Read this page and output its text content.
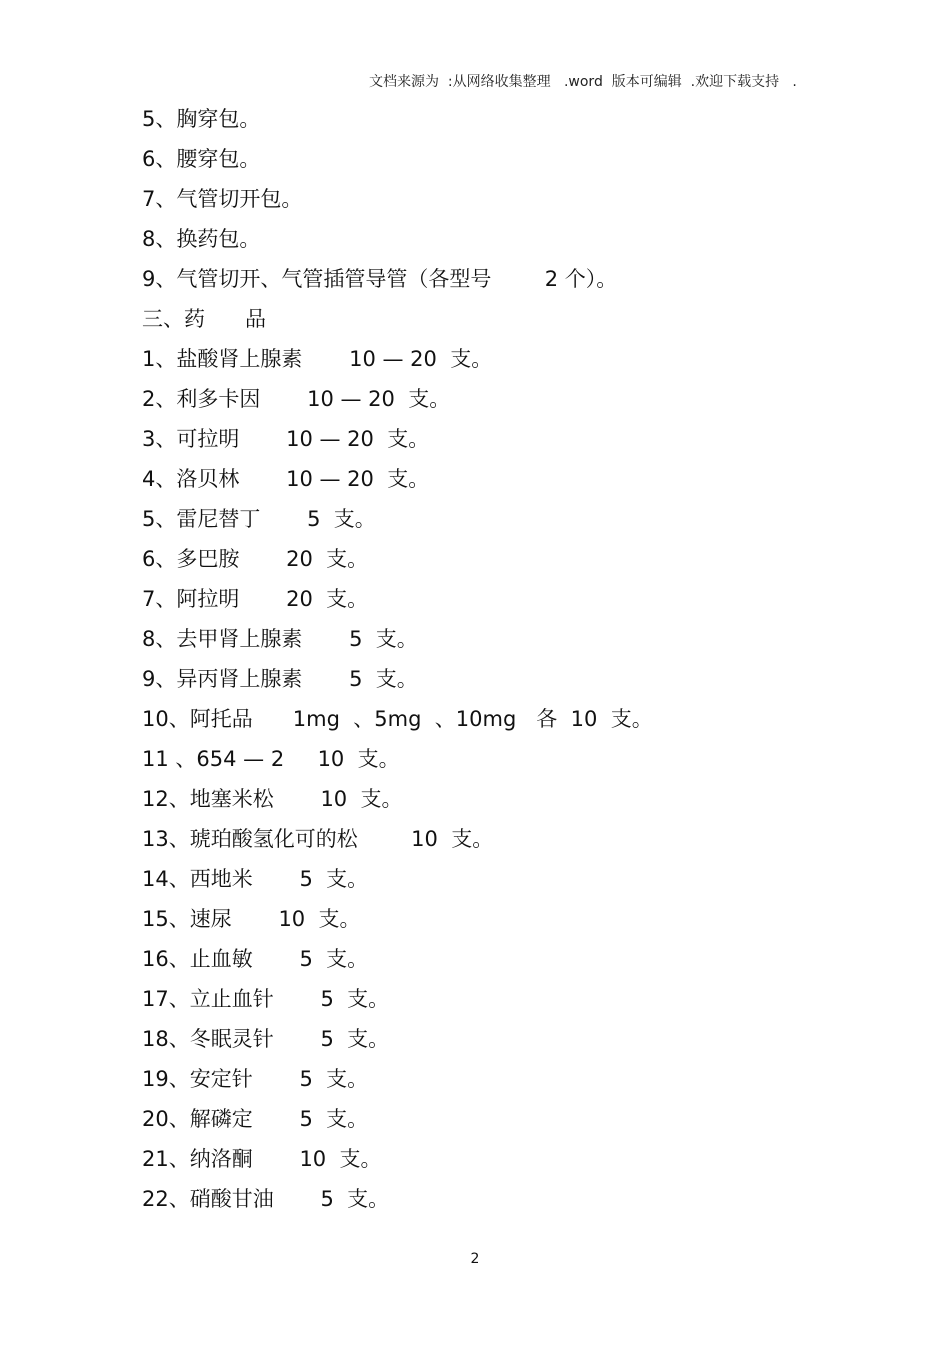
文档来源为  :从网络收集整理   .word  版本可编辑  .欢迎下载支持   .
5、胸穿包。
6、腰穿包。
7、气管切开包。
8、换药包。
9、气管切开、气管插管导管（各型号        2 个）。
三、药      品
1、盐酸肾上腺素       10 — 20  支。
2、利多卡因       10 — 20  支。
3、可拉明       10 — 20  支。
4、洛贝林       10 — 20  支。
5、雷尼替丁       5  支。
6、多巴胺       20  支。
7、阿拉明       20  支。
8、去甲肾上腺素       5  支。
9、异丙肾上腺素       5  支。
10、阿托品      1mg  、5mg  、10mg   各  10  支。
11 、654 — 2     10  支。
12、地塞米松       10  支。
13、琥珀酸氢化可的松        10  支。
14、西地米       5  支。
15、速尿       10  支。
16、止血敏       5  支。
17、立止血针       5  支。
18、冬眠灵针       5  支。
19、安定针       5  支。
20、解磷定       5  支。
21、纳洛酮       10  支。
22、硝酸甘油       5  支。
2
